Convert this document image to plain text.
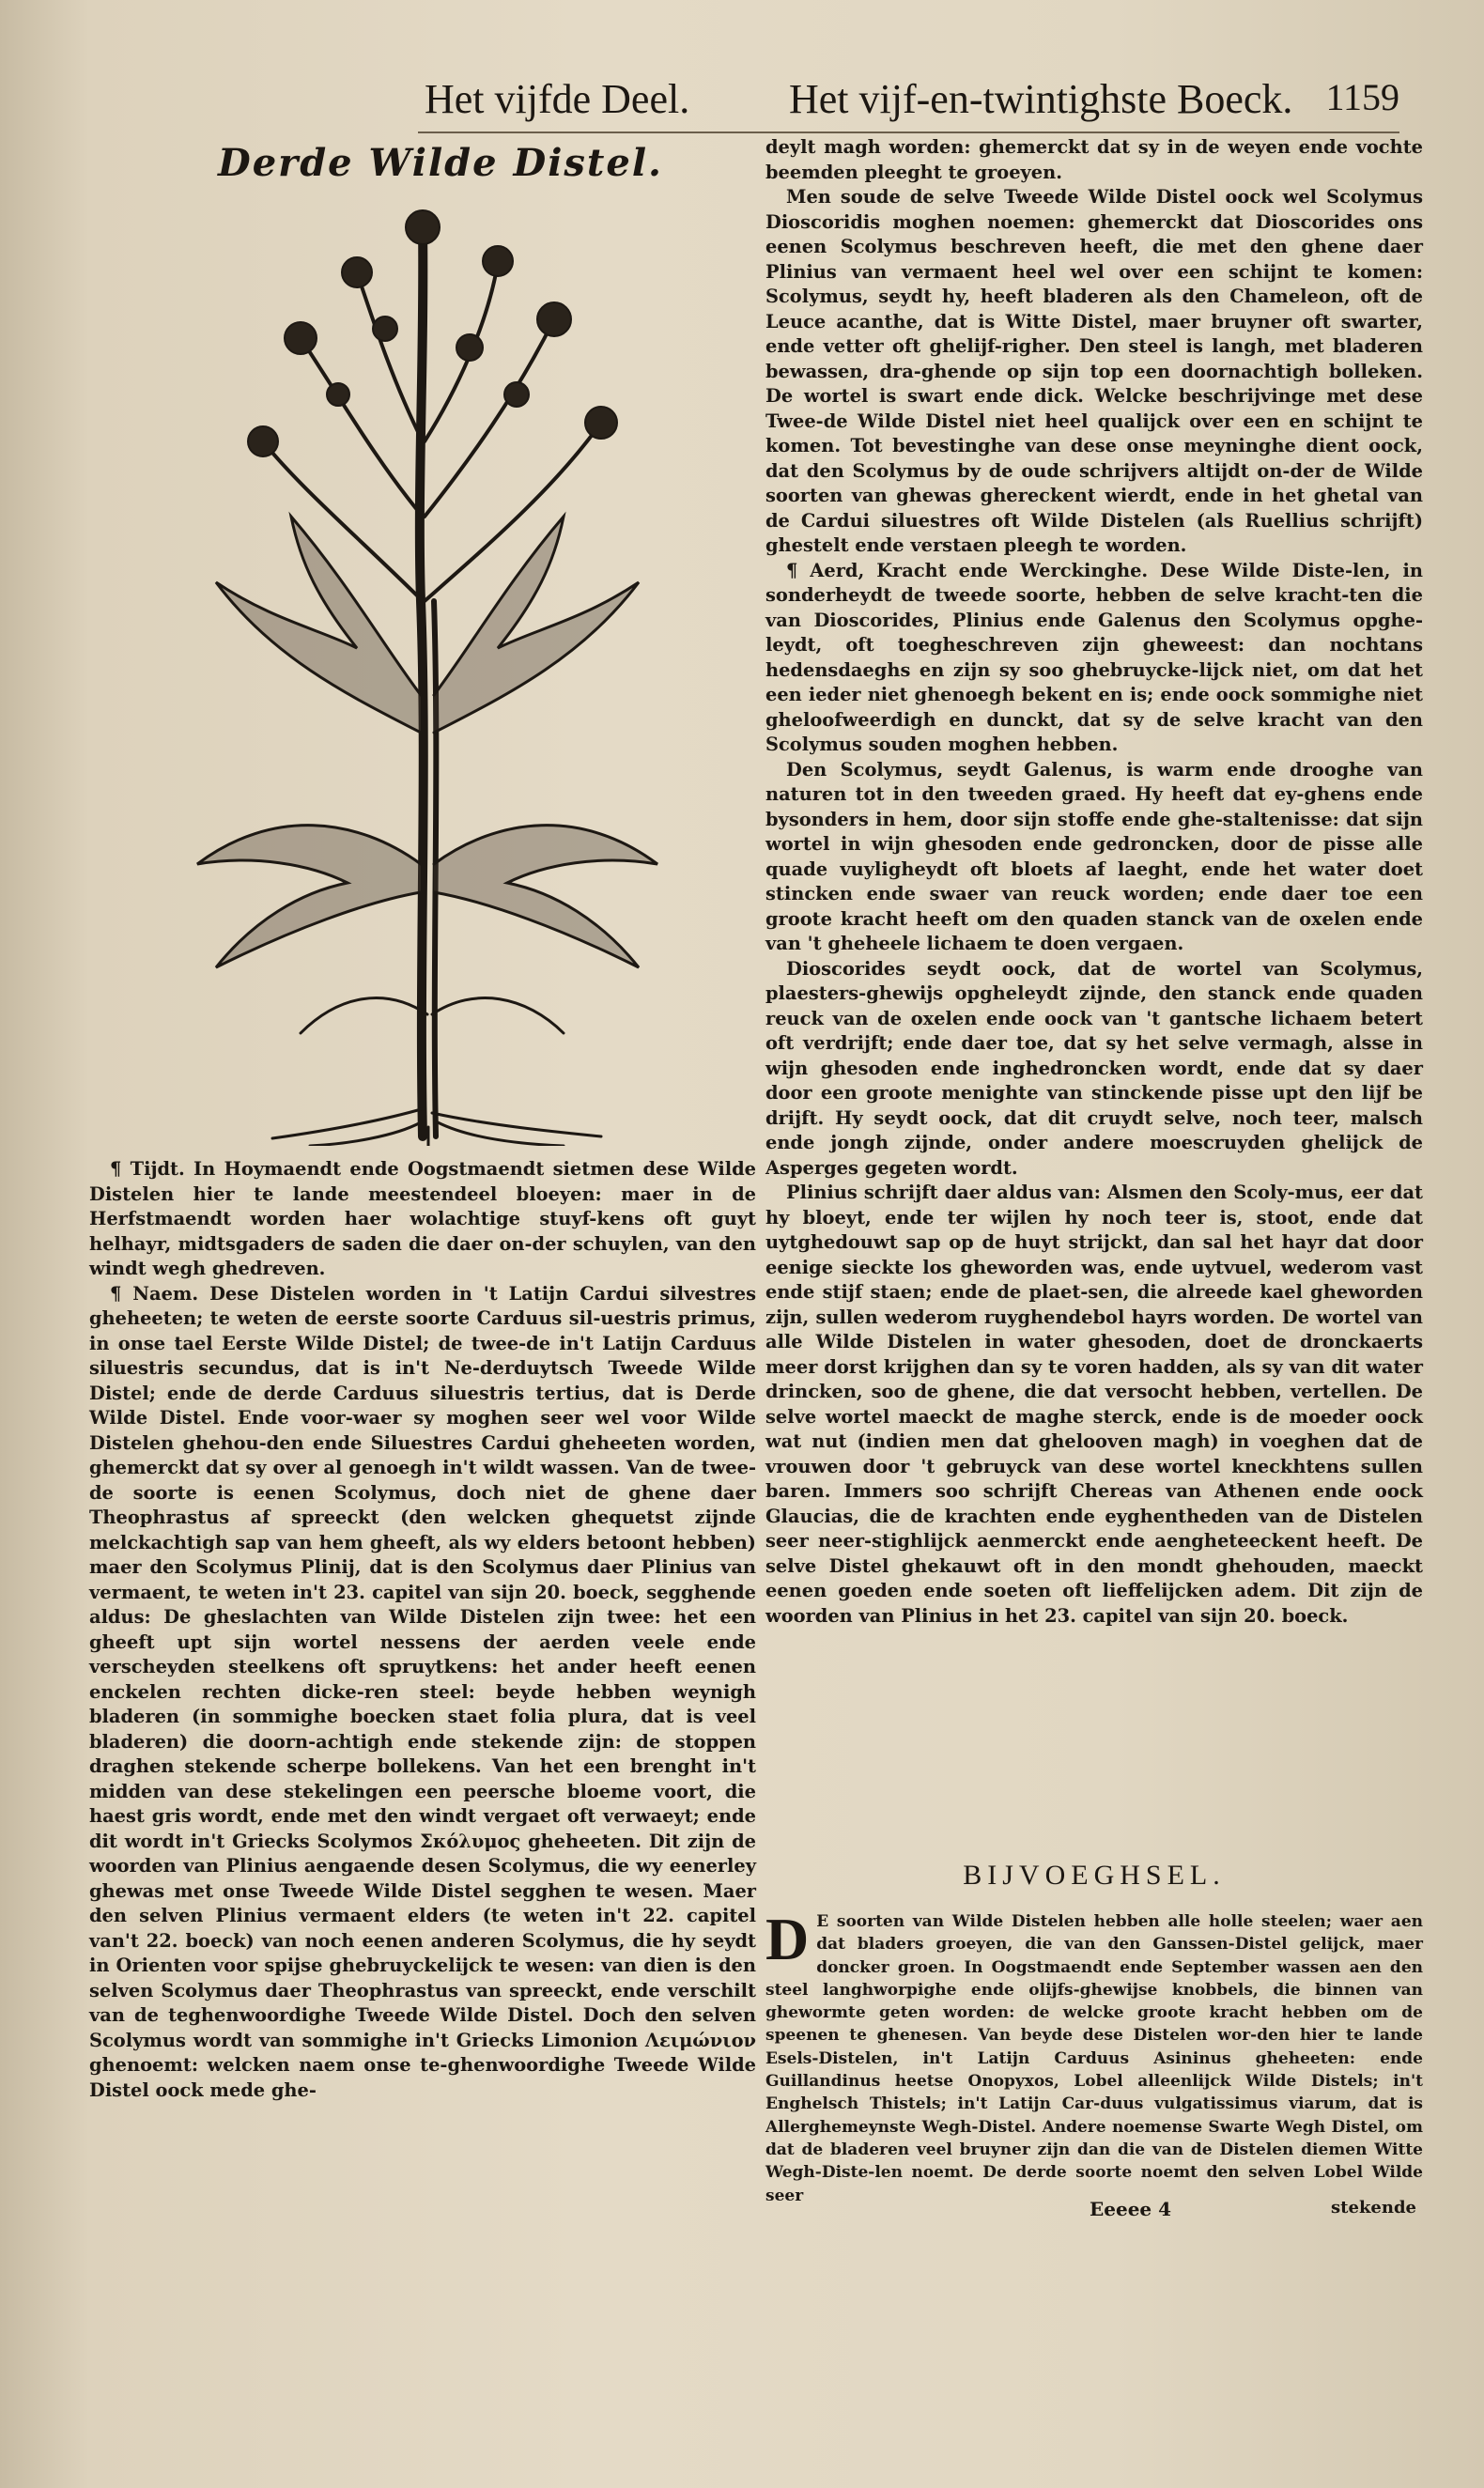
Het vijfde Deel. Het vijf-en-twintighste Boeck. 1159
Derde Wilde Distel.

¶ Tijdt. In Hoymaendt ende Oogstmaendt sietmen dese Wilde Distelen hier te lande meestendeel bloeyen: maer in de Herfstmaendt worden haer wolachtige stuyf-kens oft guyt helhayr, midtsgaders de saden die daer on-der schuylen, van den windt wegh ghedreven.

¶ Naem. Dese Distelen worden in 't Latijn Cardui silvestres gheheeten; te weten de eerste soorte Carduus sil-uestris primus, in onse tael Eerste Wilde Distel; de twee-de in't Latijn Carduus siluestris secundus, dat is in't Ne-derduytsch Tweede Wilde Distel; ende de derde Carduus siluestris tertius, dat is Derde Wilde Distel. Ende voor-waer sy moghen seer wel voor Wilde Distelen ghehou-den ende Siluestres Cardui gheheeten worden, ghemerckt dat sy over al genoegh in't wildt wassen. Van de twee-de soorte is eenen Scolymus, doch niet de ghene daer Theophrastus af spreeckt (den welcken ghequetst zijnde melckachtigh sap van hem gheeft, als wy elders betoont hebben) maer den Scolymus Plinij, dat is den Scolymus daer Plinius van vermaent, te weten in't 23. capitel van sijn 20. boeck, segghende aldus: De gheslachten van Wilde Distelen zijn twee: het een gheeft upt sijn wortel nessens der aerden veele ende verscheyden steelkens oft spruytkens: het ander heeft eenen enckelen rechten dicke-ren steel: beyde hebben weynigh bladeren (in sommighe boecken staet folia plura, dat is veel bladeren) die doorn-achtigh ende stekende zijn: de stoppen draghen stekende scherpe bollekens. Van het een brenght in't midden van dese stekelingen een peersche bloeme voort, die haest gris wordt, ende met den windt vergaet oft verwaeyt; ende dit wordt in't Griecks Scolymos Σκόλυμος gheheeten. Dit zijn de woorden van Plinius aengaende desen Scolymus, die wy eenerley ghewas met onse Tweede Wilde Distel segghen te wesen. Maer den selven Plinius vermaent elders (te weten in't 22. capitel van't 22. boeck) van noch eenen anderen Scolymus, die hy seydt in Orienten voor spijse ghebruyckelijck te wesen: van dien is den selven Scolymus daer Theophrastus van spreeckt, ende verschilt van de teghenwoordighe Tweede Wilde Distel. Doch den selven Scolymus wordt van sommighe in't Griecks Limonion Λειμώνιον ghenoemt: welcken naem onse te-ghenwoordighe Tweede Wilde Distel oock mede ghe-

deylt magh worden: ghemerckt dat sy in de weyen ende vochte beemden pleeght te groeyen.

Men soude de selve Tweede Wilde Distel oock wel Scolymus Dioscoridis moghen noemen: ghemerckt dat Dioscorides ons eenen Scolymus beschreven heeft, die met den ghene daer Plinius van vermaent heel wel over een schijnt te komen: Scolymus, seydt hy, heeft bladeren als den Chameleon, oft de Leuce acanthe, dat is Witte Distel, maer bruyner oft swarter, ende vetter oft ghelijf-righer. Den steel is langh, met bladeren bewassen, dra-ghende op sijn top een doornachtigh bolleken. De wortel is swart ende dick. Welcke beschrijvinge met dese Twee-de Wilde Distel niet heel qualijck over een en schijnt te komen. Tot bevestinghe van dese onse meyninghe dient oock, dat den Scolymus by de oude schrijvers altijdt on-der de Wilde soorten van ghewas ghereckent wierdt, ende in het ghetal van de Cardui siluestres oft Wilde Distelen (als Ruellius schrijft) ghestelt ende verstaen pleegh te worden.

¶ Aerd, Kracht ende Werckinghe. Dese Wilde Diste-len, in sonderheydt de tweede soorte, hebben de selve kracht-ten die van Dioscorides, Plinius ende Galenus den Scolymus opghe-leydt, oft toegheschreven zijn gheweest: dan nochtans hedensdaeghs en zijn sy soo ghebruycke-lijck niet, om dat het een ieder niet ghenoegh bekent en is; ende oock sommighe niet gheloofweerdigh en dunckt, dat sy de selve kracht van den Scolymus souden moghen hebben.

Den Scolymus, seydt Galenus, is warm ende drooghe van naturen tot in den tweeden graed. Hy heeft dat ey-ghens ende bysonders in hem, door sijn stoffe ende ghe-staltenisse: dat sijn wortel in wijn ghesoden ende gedroncken, door de pisse alle quade vuyligheydt oft bloets af laeght, ende het water doet stincken ende swaer van reuck worden; ende daer toe een groote kracht heeft om den quaden stanck van de oxelen ende van 't gheheele lichaem te doen vergaen.

Dioscorides seydt oock, dat de wortel van Scolymus, plaesters-ghewijs opgheleydt zijnde, den stanck ende quaden reuck van de oxelen ende oock van 't gantsche lichaem betert oft verdrijft; ende daer toe, dat sy het selve vermagh, alsse in wijn ghesoden ende inghedroncken wordt, ende dat sy daer door een groote menighte van stinckende pisse upt den lijf be drijft. Hy seydt oock, dat dit cruydt selve, noch teer, malsch ende jongh zijnde, onder andere moescruyden ghelijck de Asperges gegeten wordt.

Plinius schrijft daer aldus van: Alsmen den Scoly-mus, eer dat hy bloeyt, ende ter wijlen hy noch teer is, stoot, ende dat uytghedouwt sap op de huyt strijckt, dan sal het hayr dat door eenige sieckte los gheworden was, ende uytvuel, wederom vast ende stijf staen; ende de plaet-sen, die alreede kael gheworden zijn, sullen wederom ruyghendebol hayrs worden. De wortel van alle Wilde Distelen in water ghesoden, doet de dronckaerts meer dorst krijghen dan sy te voren hadden, als sy van dit water drincken, soo de ghene, die dat versocht hebben, vertellen. De selve wortel maeckt de maghe sterck, ende is de moeder oock wat nut (indien men dat ghelooven magh) in voeghen dat de vrouwen door 't gebruyck van dese wortel kneckhtens sullen baren. Immers soo schrijft Chereas van Athenen ende oock Glaucias, die de krachten ende eyghentheden van de Distelen seer neer-stighlijck aenmerckt ende aengheteeckent heeft. De selve Distel ghekauwt oft in den mondt ghehouden, maeckt eenen goeden ende soeten oft lieffelijcken adem. Dit zijn de woorden van Plinius in het 23. capitel van sijn 20. boeck.

BIJVOEGHSEL.
D E soorten van Wilde Distelen hebben alle holle steelen; waer aen dat bladers groeyen, die van den Ganssen-Distel gelijck, maer doncker groen. In Oogstmaendt ende September wassen aen den steel langhworpighe ende olijfs-ghewijse knobbels, die binnen van ghewormte geten worden: de welcke groote kracht hebben om de speenen te ghenesen. Van beyde dese Distelen wor-den hier te lande Esels-Distelen, in't Latijn Carduus Asininus gheheeten: ende Guillandinus heetse Onopyxos, Lobel alleenlijck Wilde Distels; in't Enghelsch Thistels; in't Latijn Car-duus vulgatissimus viarum, dat is Allerghemeynste Wegh-Distel. Andere noemense Swarte Wegh Distel, om dat de bladeren veel bruyner zijn dan die van de Distelen diemen Witte Wegh-Diste-len noemt. De derde soorte noemt den selven Lobel Wilde seer
Eeeee 4	stekende
